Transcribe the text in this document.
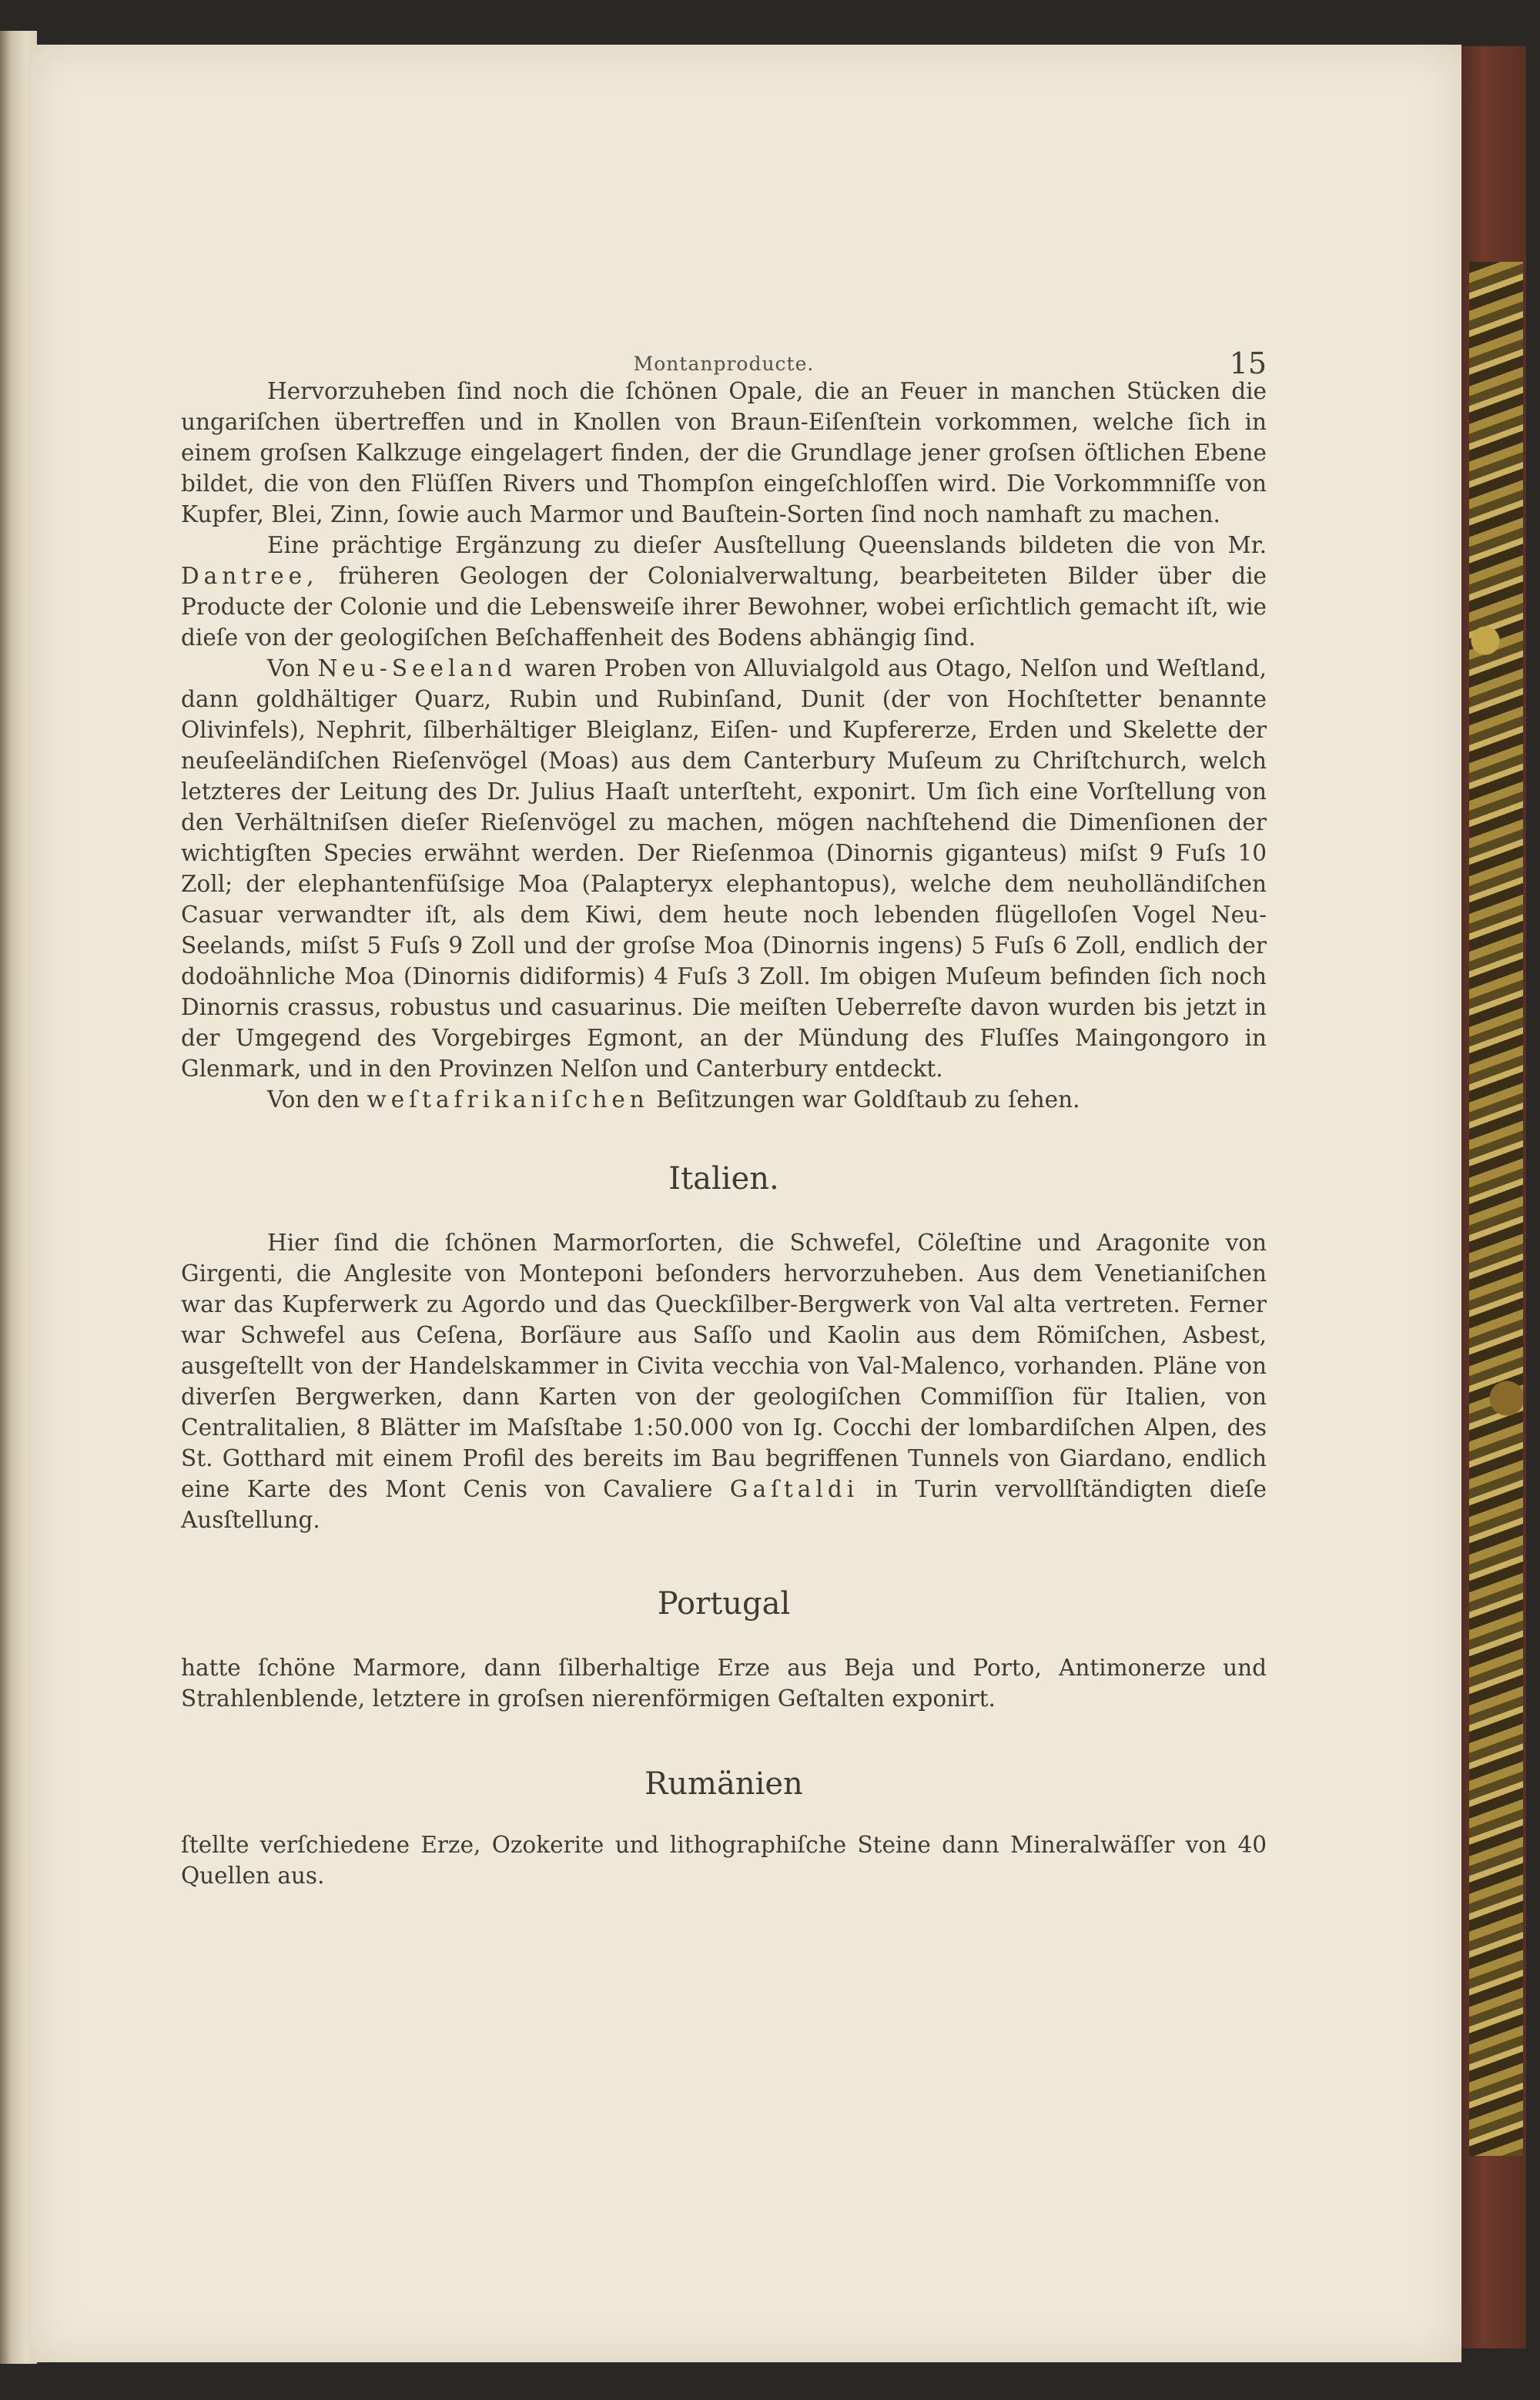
Montanproducte.	15

Hervorzuheben ſind noch die ſchönen Opale, die an Feuer in manchen Stücken die ungariſchen übertreffen und in Knollen von Braun-Eiſenſtein vorkommen, welche ſich in einem groſsen Kalkzuge eingelagert finden, der die Grundlage jener groſsen öſtlichen Ebene bildet, die von den Flüſſen Rivers und Thompſon eingeſchloſſen wird. Die Vorkommniſſe von Kupfer, Blei, Zinn, ſowie auch Marmor und Bauſtein-Sorten ſind noch namhaft zu machen.

Eine prächtige Ergänzung zu dieſer Ausſtellung Queenslands bildeten die von Mr. Dantree, früheren Geologen der Colonialverwaltung, bearbeiteten Bilder über die Producte der Colonie und die Lebensweiſe ihrer Bewohner, wobei erſichtlich gemacht iſt, wie dieſe von der geologiſchen Beſchaffenheit des Bodens abhängig ſind.

Von Neu-Seeland waren Proben von Alluvialgold aus Otago, Nelſon und Weſtland, dann goldhältiger Quarz, Rubin und Rubinſand, Dunit (der von Hochſtetter benannte Olivinfels), Nephrit, ſilberhältiger Bleiglanz, Eiſen- und Kupfererze, Erden und Skelette der neuſeeländiſchen Rieſenvögel (Moas) aus dem Canterbury Muſeum zu Chriſtchurch, welch letzteres der Leitung des Dr. Julius Haaſt unterſteht, exponirt. Um ſich eine Vorſtellung von den Verhältniſsen dieſer Rieſenvögel zu machen, mögen nachſtehend die Dimenſionen der wichtigſten Species erwähnt werden. Der Rieſenmoa (Dinornis giganteus) miſst 9 Fuſs 10 Zoll; der elephantenfüſsige Moa (Palapteryx elephantopus), welche dem neuholländiſchen Casuar verwandter iſt, als dem Kiwi, dem heute noch lebenden flügelloſen Vogel Neu-Seelands, miſst 5 Fuſs 9 Zoll und der groſse Moa (Dinornis ingens) 5 Fuſs 6 Zoll, endlich der dodoähnliche Moa (Dinornis didiformis) 4 Fuſs 3 Zoll. Im obigen Muſeum befinden ſich noch Dinornis crassus, robustus und casuarinus. Die meiſten Ueberreſte davon wurden bis jetzt in der Umgegend des Vorgebirges Egmont, an der Mündung des Fluſſes Maingongoro in Glenmark, und in den Provinzen Nelſon und Canterbury entdeckt.

Von den weſtafrikaniſchen Beſitzungen war Goldſtaub zu ſehen.

Italien.

Hier ſind die ſchönen Marmorſorten, die Schwefel, Cöleſtine und Aragonite von Girgenti, die Anglesite von Monteponi beſonders hervorzuheben. Aus dem Venetianiſchen war das Kupferwerk zu Agordo und das Queckſilber-Bergwerk von Val alta vertreten. Ferner war Schwefel aus Ceſena, Borſäure aus Saſſo und Kaolin aus dem Römiſchen, Asbest, ausgeſtellt von der Handelskammer in Civita vecchia von Val-Malenco, vorhanden. Pläne von diverſen Bergwerken, dann Karten von der geologiſchen Commiſſion für Italien, von Centralitalien, 8 Blätter im Maſsſtabe 1:50.000 von Ig. Cocchi der lombardiſchen Alpen, des St. Gotthard mit einem Profil des bereits im Bau begriffenen Tunnels von Giardano, endlich eine Karte des Mont Cenis von Cavaliere Gaſtaldi in Turin vervollſtändigten dieſe Ausſtellung.

Portugal

hatte ſchöne Marmore, dann ſilberhaltige Erze aus Beja und Porto, Antimonerze und Strahlenblende, letztere in groſsen nierenförmigen Geſtalten exponirt.

Rumänien

ſtellte verſchiedene Erze, Ozokerite und lithographiſche Steine dann Mineralwäſſer von 40 Quellen aus.
